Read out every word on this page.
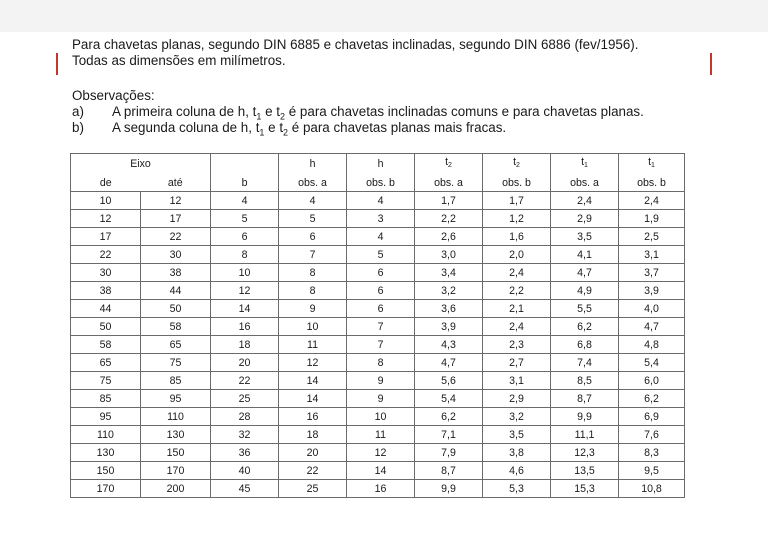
Para chavetas planas, segundo DIN 6885 e chavetas inclinadas, segundo DIN 6886 (fev/1956).
Todas as dimensões em milímetros.
Observações:
a) A primeira coluna de h, $t_1$ e $t_2$ é para chavetas inclinadas comuns e para chavetas planas.
b) A segunda coluna de h, $t_1$ e $t_2$ é para chavetas planas mais fracas.
Eixo			h	h	t2	t2	t1	t1
de	até	b	obs. a	obs. b	obs. a	obs. b	obs. a	obs. b
10	12	4	4	4	1,7	1,7	2,4	2,4
12	17	5	5	3	2,2	1,2	2,9	1,9
17	22	6	6	4	2,6	1,6	3,5	2,5
22	30	8	7	5	3,0	2,0	4,1	3,1
30	38	10	8	6	3,4	2,4	4,7	3,7
38	44	12	8	6	3,2	2,2	4,9	3,9
44	50	14	9	6	3,6	2,1	5,5	4,0
50	58	16	10	7	3,9	2,4	6,2	4,7
58	65	18	11	7	4,3	2,3	6,8	4,8
65	75	20	12	8	4,7	2,7	7,4	5,4
75	85	22	14	9	5,6	3,1	8,5	6,0
85	95	25	14	9	5,4	2,9	8,7	6,2
95	110	28	16	10	6,2	3,2	9,9	6,9
110	130	32	18	11	7,1	3,5	11,1	7,6
130	150	36	20	12	7,9	3,8	12,3	8,3
150	170	40	22	14	8,7	4,6	13,5	9,5
170	200	45	25	16	9,9	5,3	15,3	10,8
